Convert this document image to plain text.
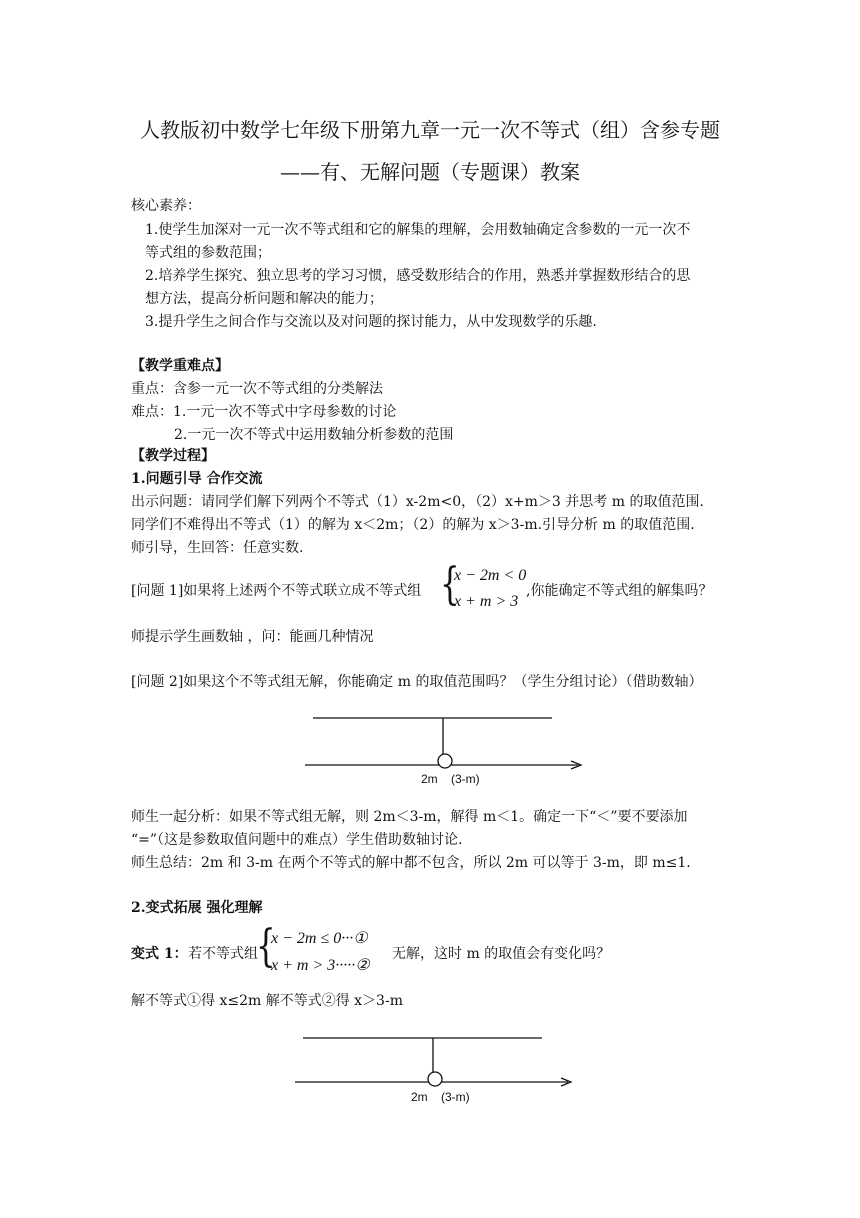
人教版初中数学七年级下册第九章一元一次不等式（组）含参专题
——有、无解问题（专题课）教案
核心素养：
1.使学生加深对一元一次不等式组和它的解集的理解，会用数轴确定含参数的一元一次不
等式组的参数范围；
2.培养学生探究、独立思考的学习习惯，感受数形结合的作用，熟悉并掌握数形结合的思
想方法，提高分析问题和解决的能力；
3.提升学生之间合作与交流以及对问题的探讨能力，从中发现数学的乐趣.
【教学重难点】
重点：含参一元一次不等式组的分类解法
难点：1.一元一次不等式中字母参数的讨论
2.一元一次不等式中运用数轴分析参数的范围
【教学过程】
1.问题引导 合作交流
出示问题：请同学们解下列两个不等式（1）x-2m<0，（2）x+m＞3 并思考 m 的取值范围.
同学们不难得出不等式（1）的解为 x＜2m；（2）的解为 x＞3-m.引导分析 m 的取值范围.
师引导，生回答：任意实数.
[问题 1]如果将上述两个不等式联立成不等式组 {
x − 2m < 0
x + m > 3
,你能确定不等式组的解集吗？
师提示学生画数轴 ，问：能画几种情况
[问题 2]如果这个不等式组无解，你能确定 m 的取值范围吗？（学生分组讨论）（借助数轴）
2m (3-m)
师生一起分析：如果不等式组无解，则 2m＜3-m，解得 m＜1。确定一下“＜”要不要添加
“=”（这是参数取值问题中的难点）学生借助数轴讨论.
师生总结：2m 和 3-m 在两个不等式的解中都不包含，所以 2m 可以等于 3-m，即 m≤1.
2.变式拓展 强化理解
变式 1： 若不等式组
{
x − 2m ≤ 0···①
x + m > 3·····②
无解，这时 m 的取值会有变化吗？
解不等式①得 x≤2m 解不等式②得 x＞3-m
2m (3-m)
